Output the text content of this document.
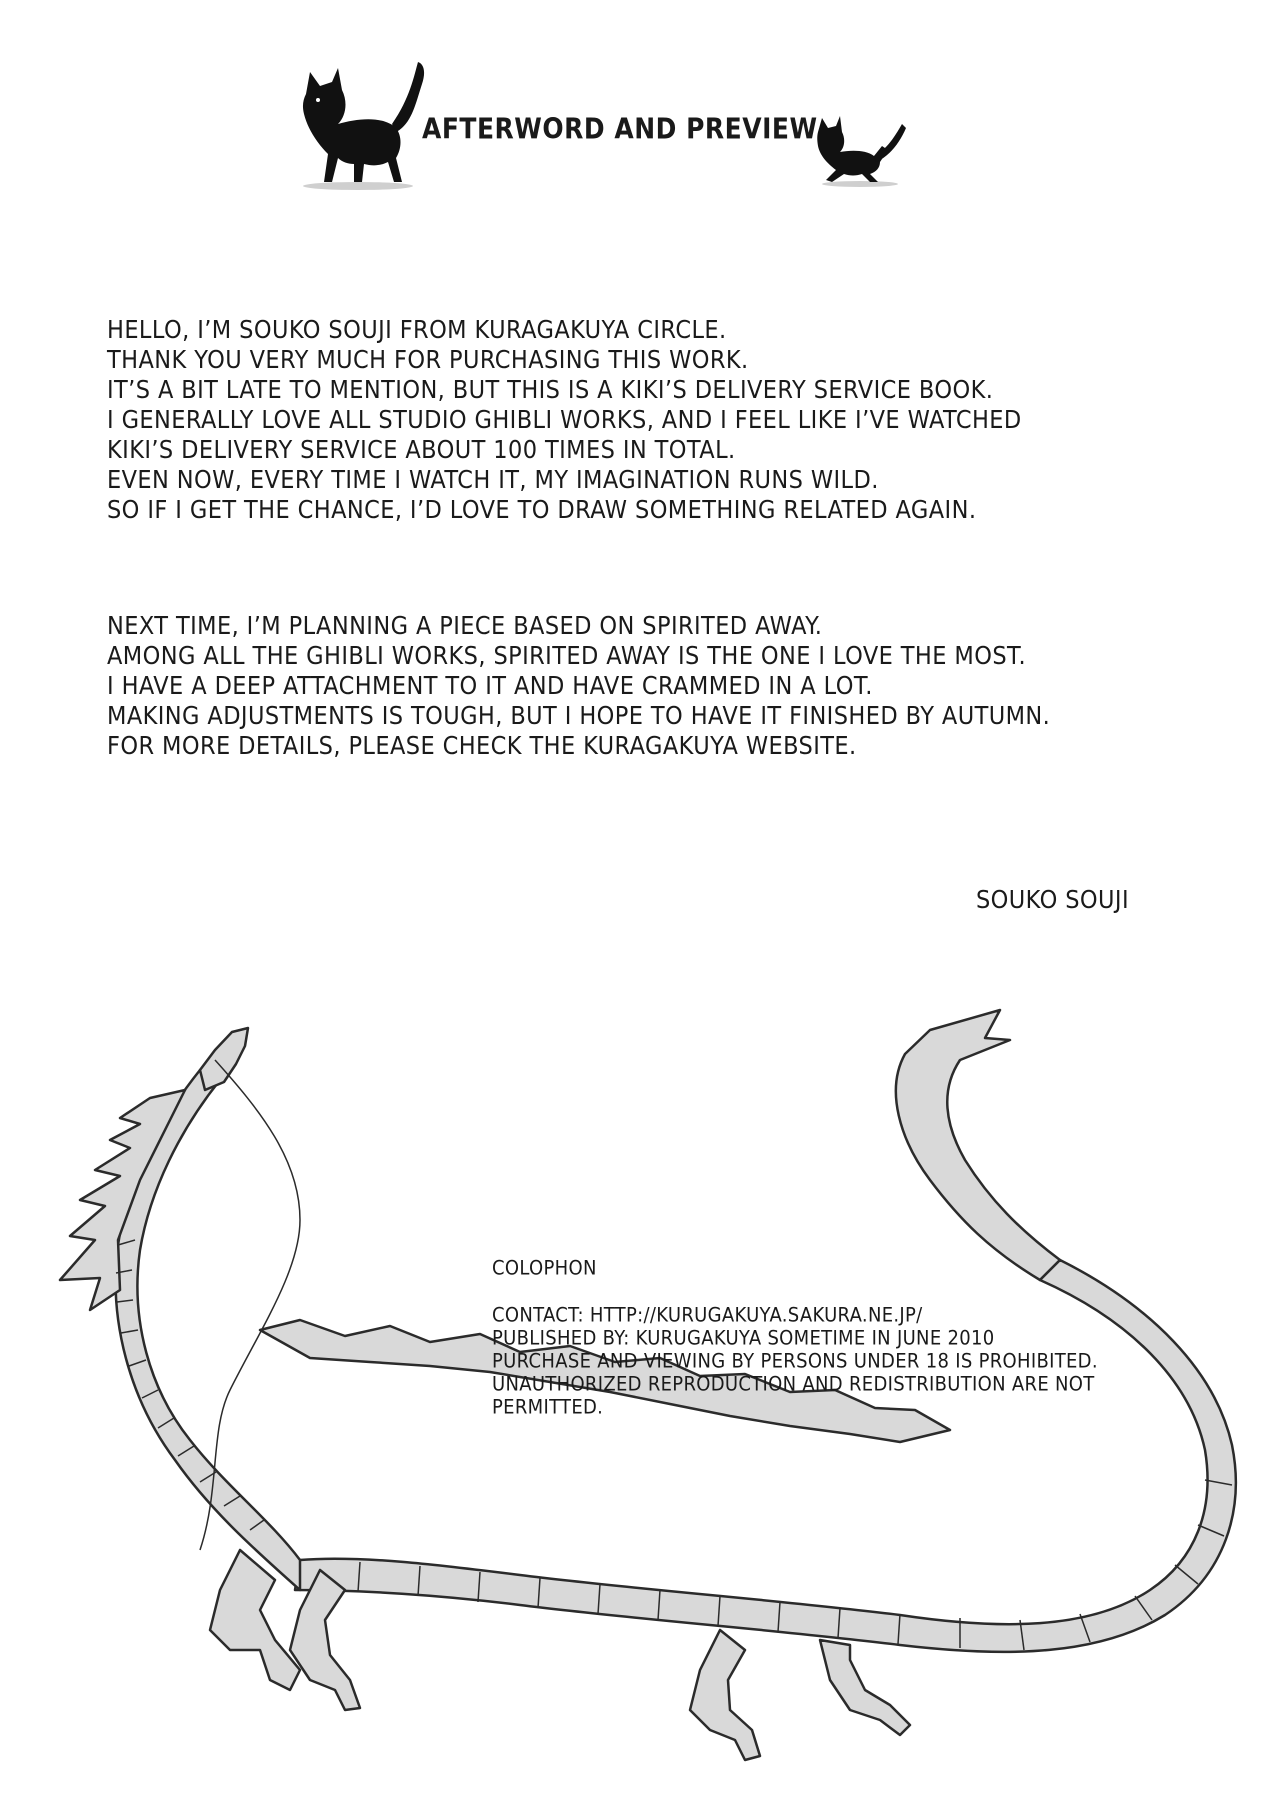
AFTERWORD AND PREVIEW
HELLO, I’M SOUKO SOUJI FROM KURAGAKUYA CIRCLE.
THANK YOU VERY MUCH FOR PURCHASING THIS WORK.
IT’S A BIT LATE TO MENTION, BUT THIS IS A KIKI’S DELIVERY SERVICE BOOK.
I GENERALLY LOVE ALL STUDIO GHIBLI WORKS, AND I FEEL LIKE I’VE WATCHED
KIKI’S DELIVERY SERVICE ABOUT 100 TIMES IN TOTAL.
EVEN NOW, EVERY TIME I WATCH IT, MY IMAGINATION RUNS WILD.
SO IF I GET THE CHANCE, I’D LOVE TO DRAW SOMETHING RELATED AGAIN.
NEXT TIME, I’M PLANNING A PIECE BASED ON SPIRITED AWAY.
AMONG ALL THE GHIBLI WORKS, SPIRITED AWAY IS THE ONE I LOVE THE MOST.
I HAVE A DEEP ATTACHMENT TO IT AND HAVE CRAMMED IN A LOT.
MAKING ADJUSTMENTS IS TOUGH, BUT I HOPE TO HAVE IT FINISHED BY AUTUMN.
FOR MORE DETAILS, PLEASE CHECK THE KURAGAKUYA WEBSITE.
SOUKO SOUJI
COLOPHON
CONTACT: HTTP://KURUGAKUYA.SAKURA.NE.JP/
PUBLISHED BY: KURUGAKUYA SOMETIME IN JUNE 2010
PURCHASE AND VIEWING BY PERSONS UNDER 18 IS PROHIBITED.
UNAUTHORIZED REPRODUCTION AND REDISTRIBUTION ARE NOT
PERMITTED.
